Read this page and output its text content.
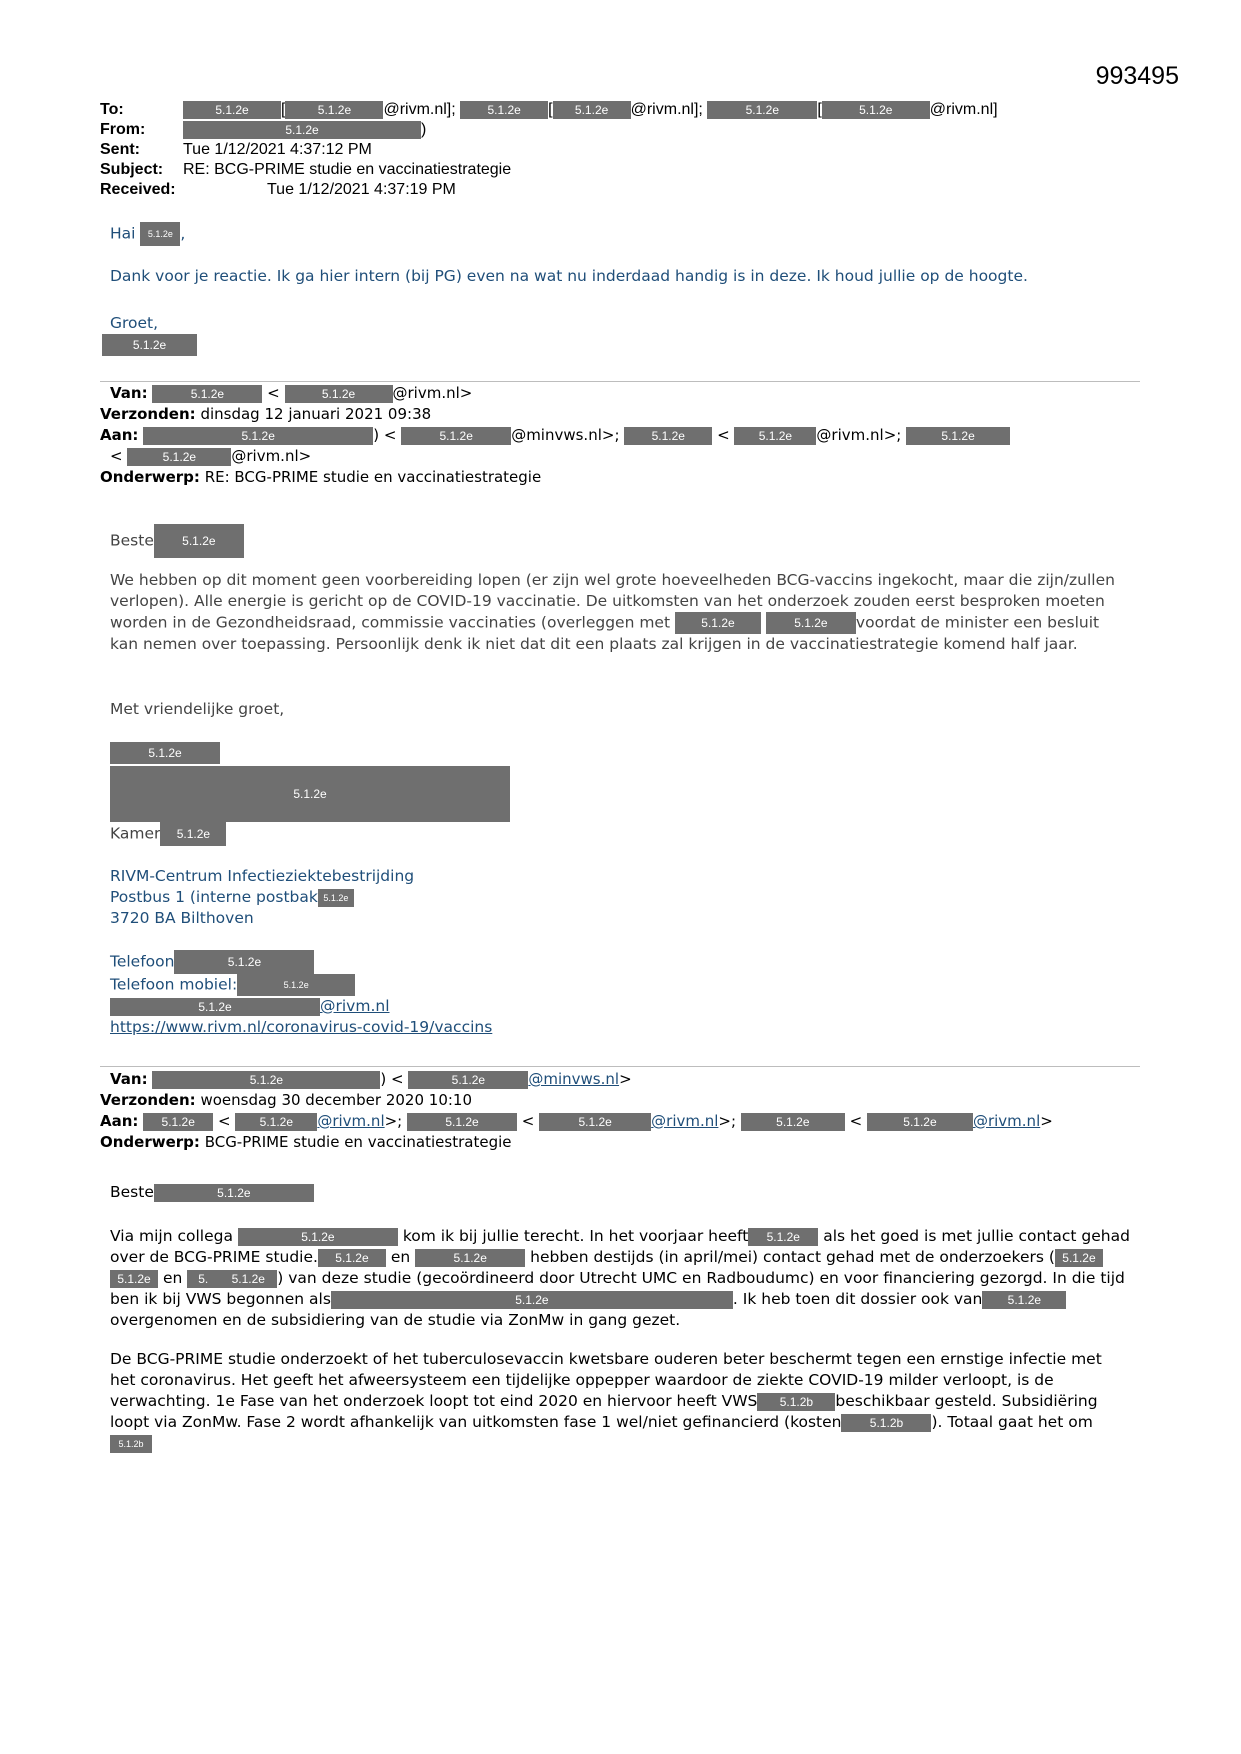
993495
To:	5.1.2e [	5.1.2e @rivm.nl];	5.1.2e [ 5.1.2e @rivm.nl];	5.1.2e [	5.1.2e @rivm.nl]
From:	5.1.2e	)
Sent:	Tue 1/12/2021 4:37:12 PM
Subject: RE: BCG-PRIME studie en vaccinatiestrategie
Received:	Tue 1/12/2021 4:37:19 PM
Hai 5.1.2e ,
Dank voor je reactie. Ik ga hier intern (bij PG) even na wat nu inderdaad handig is in deze. Ik houd jullie op de hoogte.
Groet,
5.1.2e
Van:	5.1.2e	<	5.1.2e @rivm.nl>
Verzonden: dinsdag 12 januari 2021 09:38
Aan:	5.1.2e	) <	5.1.2e	@minvws.nl>;	5.1.2e < 5.1.2e @rivm.nl>;	5.1.2e
<	5.1.2e @rivm.nl>
Onderwerp: RE: BCG-PRIME studie en vaccinatiestrategie
Beste 5.1.2e
We hebben op dit moment geen voorbereiding lopen (er zijn wel grote hoeveelheden BCG-vaccins ingekocht, maar die zijn/zullen verlopen). Alle energie is gericht op de COVID-19 vaccinatie. De uitkomsten van het onderzoek zouden eerst besproken moeten worden in de Gezondheidsraad, commissie vaccinaties (overleggen met	5.1.2e	5.1.2e voordat de minister een besluit kan nemen over toepassing. Persoonlijk denk ik niet dat dit een plaats zal krijgen in de vaccinatiestrategie komend half jaar.
Met vriendelijke groet,
5.1.2e
5.1.2e
Kamer 5.1.2e
RIVM-Centrum Infectieziektebestrijding
Postbus 1 (interne postbak 5.1.2e
3720 BA Bilthoven
Telefoon	5.1.2e
Telefoon mobiel:	5.1.2e
5.1.2e	@rivm.nl
https://www.rivm.nl/coronavirus-covid-19/vaccins
Van:	5.1.2e	) <	5.1.2e	@minvws.nl>
Verzonden: woensdag 30 december 2020 10:10
Aan: 5.1.2e < 5.1.2e @rivm.nl>;	5.1.2e	<	5.1.2e	@rivm.nl>;	5.1.2e	<	5.1.2e @rivm.nl>
Onderwerp: BCG-PRIME studie en vaccinatiestrategie
Beste	5.1.2e
Via mijn collega	5.1.2e	kom ik bij jullie terecht. In het voorjaar heeft 5.1.2e als het goed is met jullie contact gehad over de BCG-PRIME studie. 5.1.2e en	5.1.2e	hebben destijds (in april/mei) contact gehad met de onderzoekers ( 5.1.2e 5.1.2e en 5. 5.1.2e ) van deze studie (gecoördineerd door Utrecht UMC en Radboudumc) en voor financiering gezorgd. In die tijd ben ik bij VWS begonnen als	5.1.2e	. Ik heb toen dit dossier ook van 5.1.2e overgenomen en de subsidiering van de studie via ZonMw in gang gezet.
De BCG-PRIME studie onderzoekt of het tuberculosevaccin kwetsbare ouderen beter beschermt tegen een ernstige infectie met het coronavirus. Het geeft het afweersysteem een tijdelijke oppepper waardoor de ziekte COVID-19 milder verloopt, is de verwachting. 1e Fase van het onderzoek loopt tot eind 2020 en hiervoor heeft VWS 5.1.2b beschikbaar gesteld. Subsidiëring loopt via ZonMw. Fase 2 wordt afhankelijk van uitkomsten fase 1 wel/niet gefinancierd (kosten 5.1.2b ). Totaal gaat het om5.1.2b
